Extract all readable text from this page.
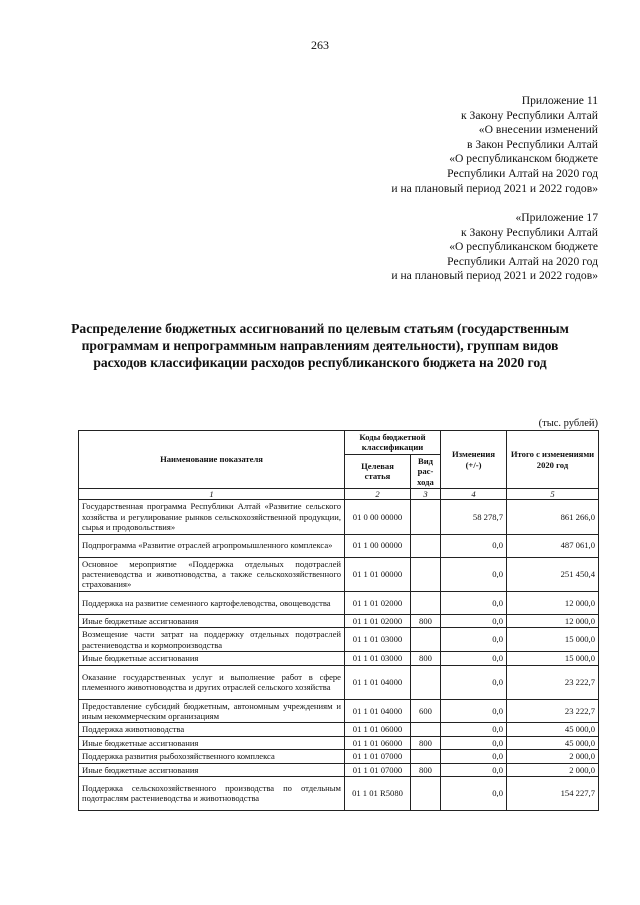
263
Приложение 11
к Закону Республики Алтай
«О внесении изменений
в Закон Республики Алтай
«О республиканском бюджете
Республики Алтай на 2020 год
и на плановый период 2021 и 2022 годов»
«Приложение 17
к Закону Республики Алтай
«О республиканском бюджете
Республики Алтай на 2020 год
и на плановый период 2021 и 2022 годов»
Распределение бюджетных ассигнований по целевым статьям (государственным программам и непрограммным направлениям деятельности), группам видов расходов классификации расходов республиканского бюджета на 2020 год
(тыс. рублей)
Наименование показателя	Коды бюджетной классификации		Изменения (+/-)	Итого с изменениями 2020 год
	Целевая статья	Вид рас-хода		
1	2	3	4	5
Государственная программа Республики Алтай «Развитие сельского хозяйства и регулирование рынков сельскохозяйственной продукции, сырья и продовольствия»	01 0 00 00000		58 278,7	861 266,0
Подпрограмма «Развитие отраслей агропромышленного комплекса»	01 1 00 00000		0,0	487 061,0
Основное мероприятие «Поддержка отдельных подотраслей растениеводства и животноводства, а также сельскохозяйственного страхования»	01 1 01 00000		0,0	251 450,4
Поддержка на развитие семенного картофелеводства, овощеводства	01 1 01 02000		0,0	12 000,0
Иные бюджетные ассигнования	01 1 01 02000	800	0,0	12 000,0
Возмещение части затрат на поддержку отдельных подотраслей растениеводства и кормопроизводства	01 1 01 03000		0,0	15 000,0
Иные бюджетные ассигнования	01 1 01 03000	800	0,0	15 000,0
Оказание государственных услуг и выполнение работ в сфере племенного животноводства и других отраслей сельского хозяйства	01 1 01 04000		0,0	23 222,7
Предоставление субсидий бюджетным, автономным учреждениям и иным некоммерческим организациям	01 1 01 04000	600	0,0	23 222,7
Поддержка животноводства	01 1 01 06000		0,0	45 000,0
Иные бюджетные ассигнования	01 1 01 06000	800	0,0	45 000,0
Поддержка развития рыбохозяйственного комплекса	01 1 01 07000		0,0	2 000,0
Иные бюджетные ассигнования	01 1 01 07000	800	0,0	2 000,0
Поддержка сельскохозяйственного производства по отдельным подотраслям растениеводства и животноводства	01 1 01 R5080		0,0	154 227,7
